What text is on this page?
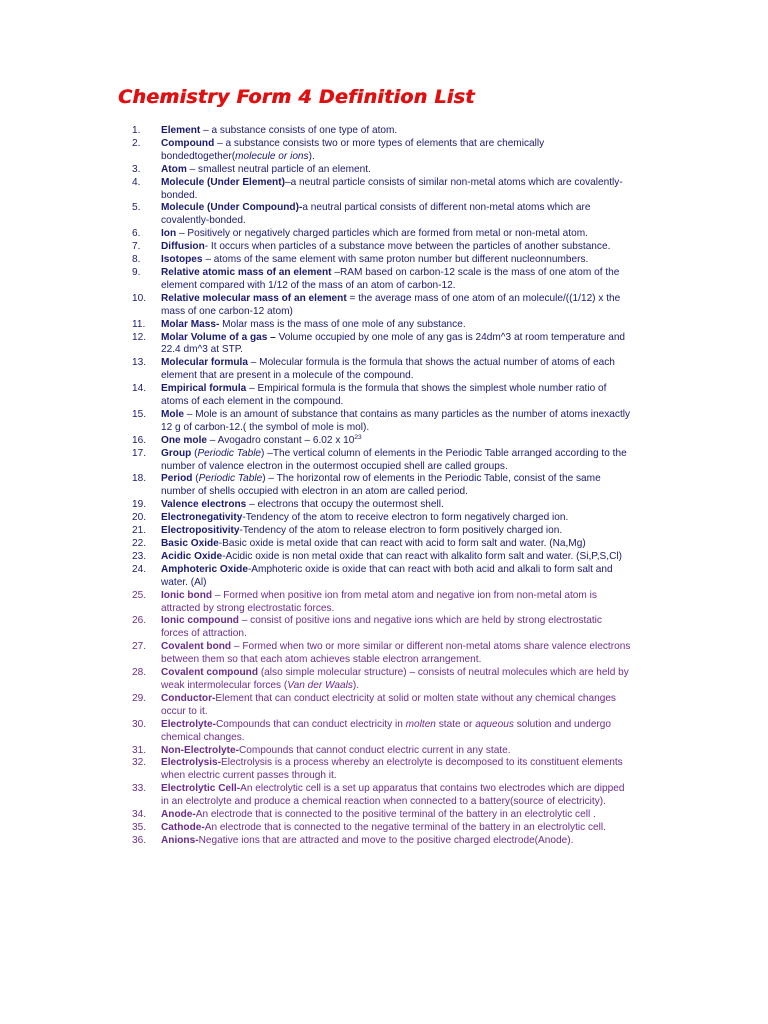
Chemistry Form 4 Definition List
1.	Element – a substance consists of one type of atom.
2.	Compound – a substance consists two or more types of elements that are chemically bondedtogether(molecule or ions).
3.	Atom – smallest neutral particle of an element.
4.	Molecule (Under Element)–a neutral particle consists of similar non-metal atoms which are covalently-bonded.
5.	Molecule (Under Compound)-a neutral partical consists of different non-metal atoms which are covalently-bonded.
6.	Ion – Positively or negatively charged particles which are formed from metal or non-metal atom.
7.	Diffusion- It occurs when particles of a substance move between the particles of another substance.
8.	Isotopes – atoms of the same element with same proton number but different nucleonnumbers.
9.	Relative atomic mass of an element –RAM based on carbon-12 scale is the mass of one atom of the element compared with 1/12 of the mass of an atom of carbon-12.
10.	Relative molecular mass of an element = the average mass of one atom of an molecule/((1/12) x the mass of one carbon-12 atom)
11.	Molar Mass- Molar mass is the mass of one mole of any substance.
12.	Molar Volume of a gas – Volume occupied by one mole of any gas is 24dm^3 at room temperature and 22.4 dm^3 at STP.
13.	Molecular formula – Molecular formula is the formula that shows the actual number of atoms of each element that are present in a molecule of the compound.
14.	Empirical formula – Empirical formula is the formula that shows the simplest whole number ratio of atoms of each element in the compound.
15.	Mole – Mole is an amount of substance that contains as many particles as the number of atoms inexactly 12 g of carbon-12.( the symbol of mole is mol).
16.	One mole – Avogadro constant – 6.02 x $10^{23}$
17.	Group (Periodic Table) –The vertical column of elements in the Periodic Table arranged according to the number of valence electron in the outermost occupied shell are called groups.
18.	Period (Periodic Table) – The horizontal row of elements in the Periodic Table, consist of the same number of shells occupied with electron in an atom are called period.
19.	Valence electrons – electrons that occupy the outermost shell.
20.	Electronegativity-Tendency of the atom to receive electron to form negatively charged ion.
21.	Electropositivity-Tendency of the atom to release electron to form positively charged ion.
22.	Basic Oxide-Basic oxide is metal oxide that can react with acid to form salt and water. (Na,Mg)
23.	Acidic Oxide-Acidic oxide is non metal oxide that can react with alkalito form salt and water. (Si,P,S,Cl)
24.	Amphoteric Oxide-Amphoteric oxide is oxide that can react with both acid and alkali to form salt and water. (Al)
25.	Ionic bond – Formed when positive ion from metal atom and negative ion from non-metal atom is attracted by strong electrostatic forces.
26.	Ionic compound – consist of positive ions and negative ions which are held by strong electrostatic forces of attraction.
27.	Covalent bond – Formed when two or more similar or different non-metal atoms share valence electrons between them so that each atom achieves stable electron arrangement.
28.	Covalent compound (also simple molecular structure) – consists of neutral molecules which are held by weak intermolecular forces (Van der Waals).
29.	Conductor-Element that can conduct electricity at solid or molten state without any chemical changes occur to it.
30.	Electrolyte-Compounds that can conduct electricity in molten state or aqueous solution and undergo chemical changes.
31.	Non-Electrolyte-Compounds that cannot conduct electric current in any state.
32.	Electrolysis-Electrolysis is a process whereby an electrolyte is decomposed to its constituent elements when electric current passes through it.
33.	Electrolytic Cell-An electrolytic cell is a set up apparatus that contains two electrodes which are dipped in an electrolyte and produce a chemical reaction when connected to a battery(source of electricity).
34.	Anode-An electrode that is connected to the positive terminal of the battery in an electrolytic cell .
35.	Cathode-An electrode that is connected to the negative terminal of the battery in an electrolytic cell.
36.	Anions-Negative ions that are attracted and move to the positive charged electrode(Anode).
